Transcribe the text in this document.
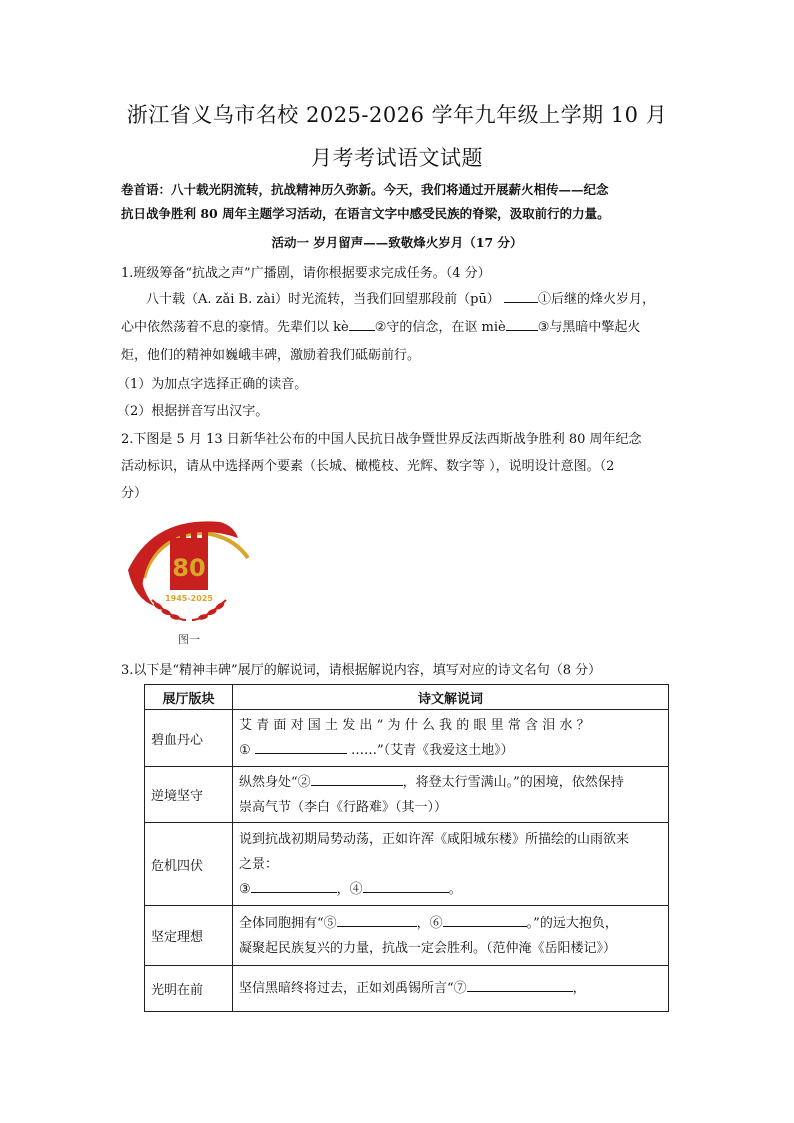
浙江省义乌市名校 2025-2026 学年九年级上学期 10 月
月考考试语文试题
卷首语：八十载光阴流转，抗战精神历久弥新。今天，我们将通过开展薪火相传——纪念
抗日战争胜利 80 周年主题学习活动，在语言文字中感受民族的脊梁，汲取前行的力量。
活动一 岁月留声——致敬烽火岁月（17 分）
1.班级筹备“抗战之声”广播剧，请你根据要求完成任务。（4 分）
八十载（A. zǎi B. zài）时光流转，当我们回望那段前（pū）	①后继的烽火岁月，
心中依然荡着不息的豪情。先辈们以 kè ②守的信念，在讴 miè ③与黑暗中擎起火
炬，他们的精神如巍峨丰碑，激励着我们砥砺前行。
（1）为加点字选择正确的读音。
（2）根据拼音写出汉字。
2.下图是 5 月 13 日新华社公布的中国人民抗日战争暨世界反法西斯战争胜利 80 周年纪念
活动标识，请从中选择两个要素（长城、橄榄枝、光辉、数字等 ），说明设计意图。（2
分）
80
1945-2025
图一
3.以下是“精神丰碑”展厅的解说词，请根据解说内容，填写对应的诗文名句（8 分）
展厅版块	诗文解说词
碧血丹心	艾青面对国土发出“为什么我的眼里常含泪水？
① ……”（艾青《我爱这土地》）

逆境坚守	纵然身处“② ，将登太行雪满山。”的困境，依然保持
崇高气节（李白《行路难》（其一））

危机四伏	说到抗战初期局势动荡，正如许浑《咸阳城东楼》所描绘的山雨欲来
之景：
③ ，④ 。

坚定理想	全体同胞拥有“⑤ ，⑥ 。”的远大抱负，
凝聚起民族复兴的力量，抗战一定会胜利。（范仲淹《岳阳楼记》）

光明在前	坚信黑暗终将过去，正如刘禹锡所言“⑦ ，
